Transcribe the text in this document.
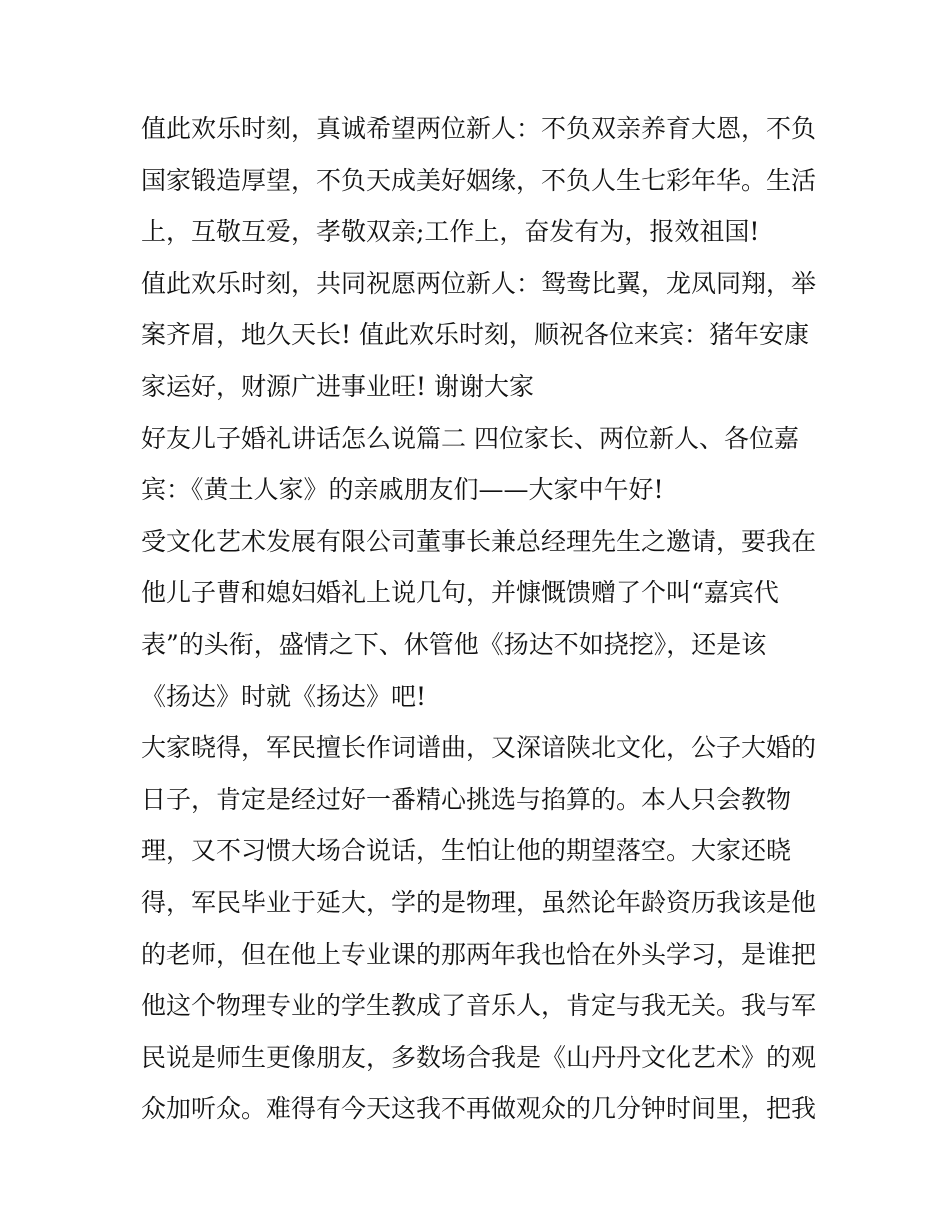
值此欢乐时刻，真诚希望两位新人：不负双亲养育大恩，不负
国家锻造厚望，不负天成美好姻缘，不负人生七彩年华。生活
上，互敬互爱，孝敬双亲;工作上，奋发有为，报效祖国!
值此欢乐时刻，共同祝愿两位新人：鸳鸯比翼，龙凤同翔，举
案齐眉，地久天长! 值此欢乐时刻，顺祝各位来宾：猪年安康
家运好，财源广进事业旺! 谢谢大家
好友儿子婚礼讲话怎么说篇二 四位家长、两位新人、各位嘉
宾：《黄土人家》的亲戚朋友们——大家中午好!
受文化艺术发展有限公司董事长兼总经理先生之邀请，要我在
他儿子曹和媳妇婚礼上说几句，并慷慨馈赠了个叫“嘉宾代
表”的头衔，盛情之下、休管他《扬达不如挠挖》，还是该
《扬达》时就《扬达》吧!
大家晓得，军民擅长作词谱曲，又深谙陕北文化，公子大婚的
日子，肯定是经过好一番精心挑选与掐算的。本人只会教物
理，又不习惯大场合说话，生怕让他的期望落空。大家还晓
得，军民毕业于延大，学的是物理，虽然论年龄资历我该是他
的老师，但在他上专业课的那两年我也恰在外头学习，是谁把
他这个物理专业的学生教成了音乐人，肯定与我无关。我与军
民说是师生更像朋友，多数场合我是《山丹丹文化艺术》的观
众加听众。难得有今天这我不再做观众的几分钟时间里，把我
